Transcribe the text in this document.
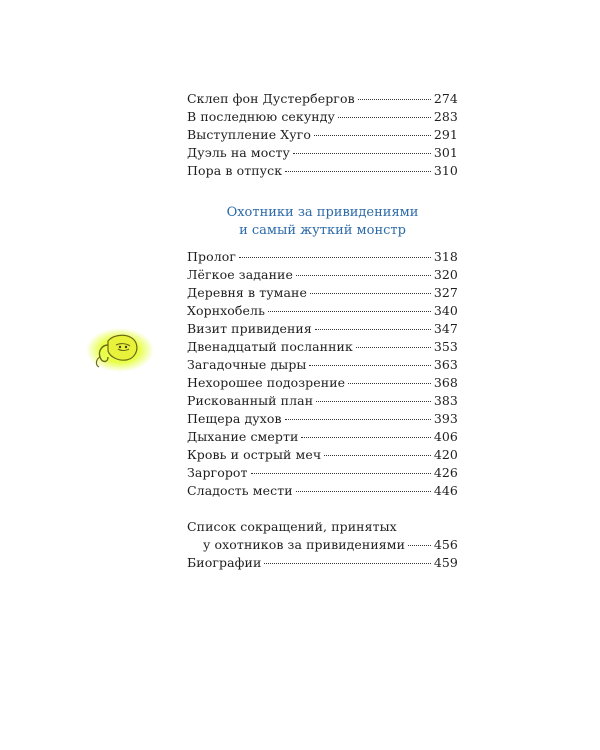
Склеп фон Дустербергов	274
В последнюю секунду	283
Выступление Хуго	291
Дуэль на мосту	301
Пора в отпуск	310
Охотники за привидениями
и самый жуткий монстр
Пролог	318
Лёгкое задание	320
Деревня в тумане	327
Хорнхобель	340
Визит привидения	347
Двенадцатый посланник	353
Загадочные дыры	363
Нехорошее подозрение	368
Рискованный план	383
Пещера духов	393
Дыхание смерти	406
Кровь и острый меч	420
Заргорот	426
Сладость мести	446
Список сокращений, принятых
у охотников за привидениями 456
Биографии	459
